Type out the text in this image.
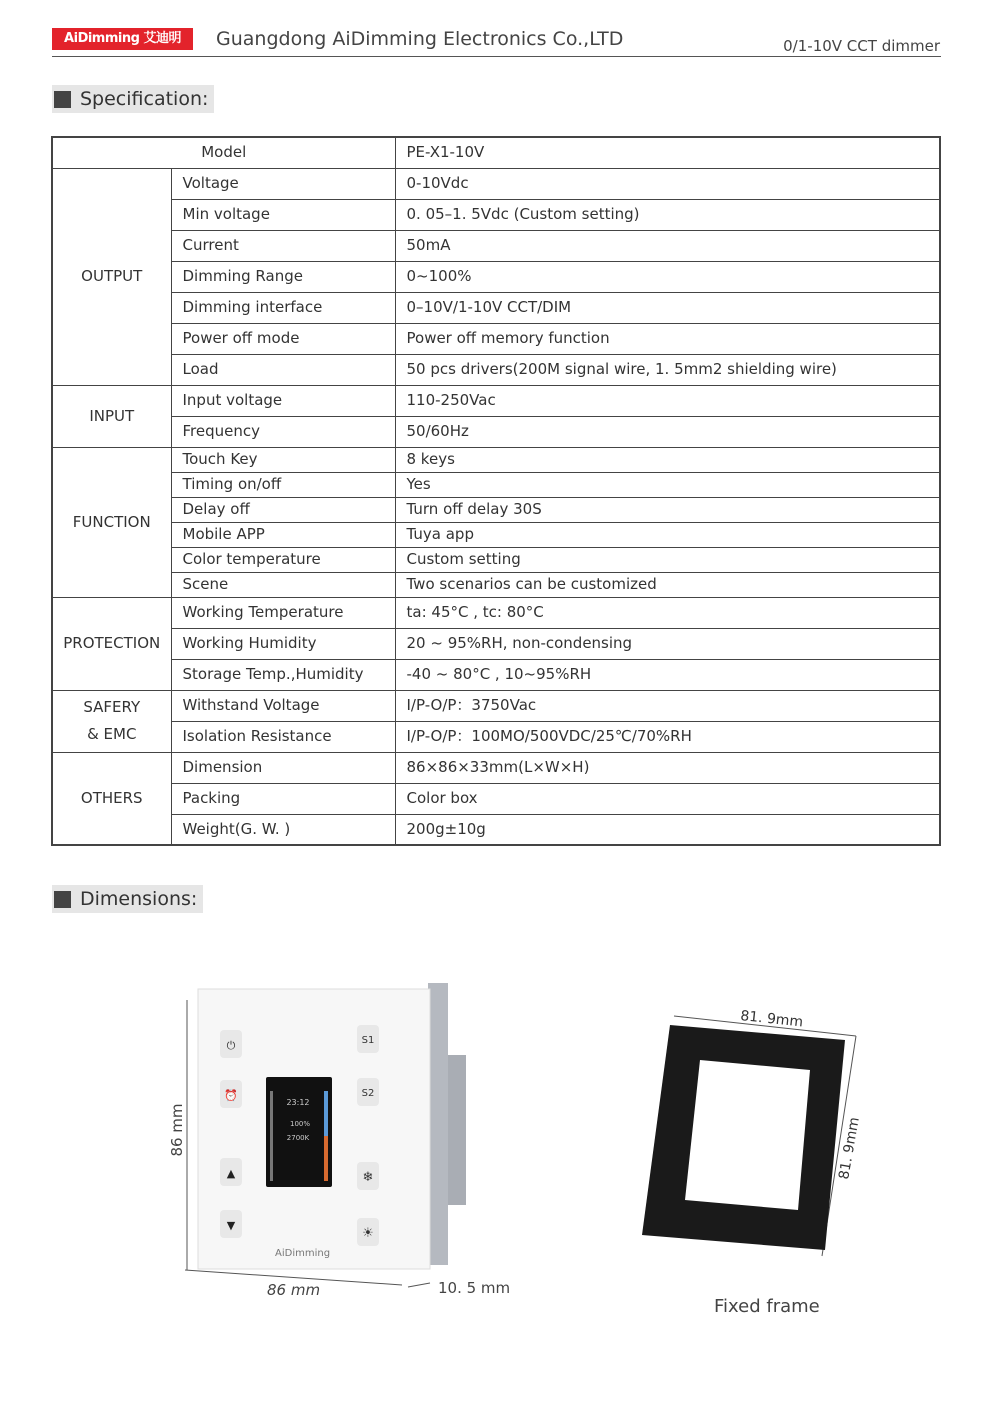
AiDimming 艾迪明	Guangdong AiDimming Electronics Co.,LTD	0/1-10V CCT dimmer
Specification:
Model		PE-X1-10V
OUTPUT	Voltage	0-10Vdc
	Min voltage	0. 05–1. 5Vdc (Custom setting)
	Current	50mA
	Dimming Range	0~100%
	Dimming interface	0–10V/1-10V CCT/DIM
	Power off mode	Power off memory function
	Load	50 pcs drivers(200M signal wire, 1. 5mm2 shielding wire)
INPUT	Input voltage	110-250Vac
	Frequency	50/60Hz
FUNCTION	Touch Key	8 keys
	Timing on/off	Yes
	Delay off	Turn off delay 30S
	Mobile APP	Tuya app
	Color temperature	Custom setting
	Scene	Two scenarios can be customized
PROTECTION	Working Temperature	ta: 45°C , tc: 80°C
	Working Humidity	20 ~ 95%RH, non-condensing
	Storage Temp.,Humidity	-40 ~ 80°C , 10~95%RH
SAFERY
& EMC	Withstand Voltage	I/P-O/P：3750Vac
	Isolation Resistance	I/P-O/P：100MO/500VDC/25℃/70%RH
OTHERS	Dimension	86×86×33mm(L×W×H)
	Packing	Color box
	Weight(G. W. )	200g±10g
Dimensions:
86 mm
⏻
⏰
▲
▼
S1
S2
❄
☀
23:12
100%
2700K
AiDimming
86 mm	10. 5 mm
81. 9mm
81. 9mm
Fixed frame
